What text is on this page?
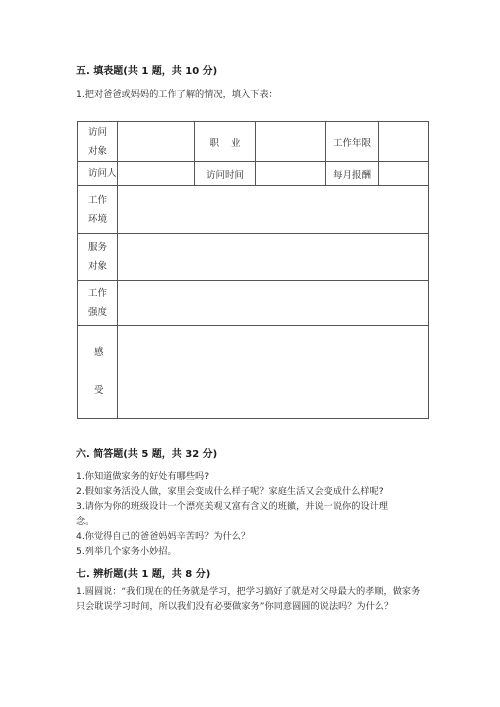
五. 填表题(共 1 题，共 10 分)
1.把对爸爸或妈妈的工作了解的情况，填入下表：
访问
对象		职    业		工作年限	
访问人		访问时间		每月报酬	

工作
环境					

服务
对象					

工作
强度					

感
受					

六. 简答题(共 5 题，共 32 分)
1.你知道做家务的好处有哪些吗?
2.假如家务活没人做，家里会变成什么样子呢？家庭生活又会变成什么样呢?
3.请你为你的班级设计一个漂亮美观又富有含义的班徽，并说一说你的设计理
念。
4.你觉得自己的爸爸妈妈辛苦吗？为什么？
5.列举几个家务小妙招。
七. 辨析题(共 1 题，共 8 分)
1.圆圆说：“我们现在的任务就是学习，把学习搞好了就是对父母最大的孝顺，做家务只会耽误学习时间，所以我们没有必要做家务”你同意圆圆的说法吗？为什么？
